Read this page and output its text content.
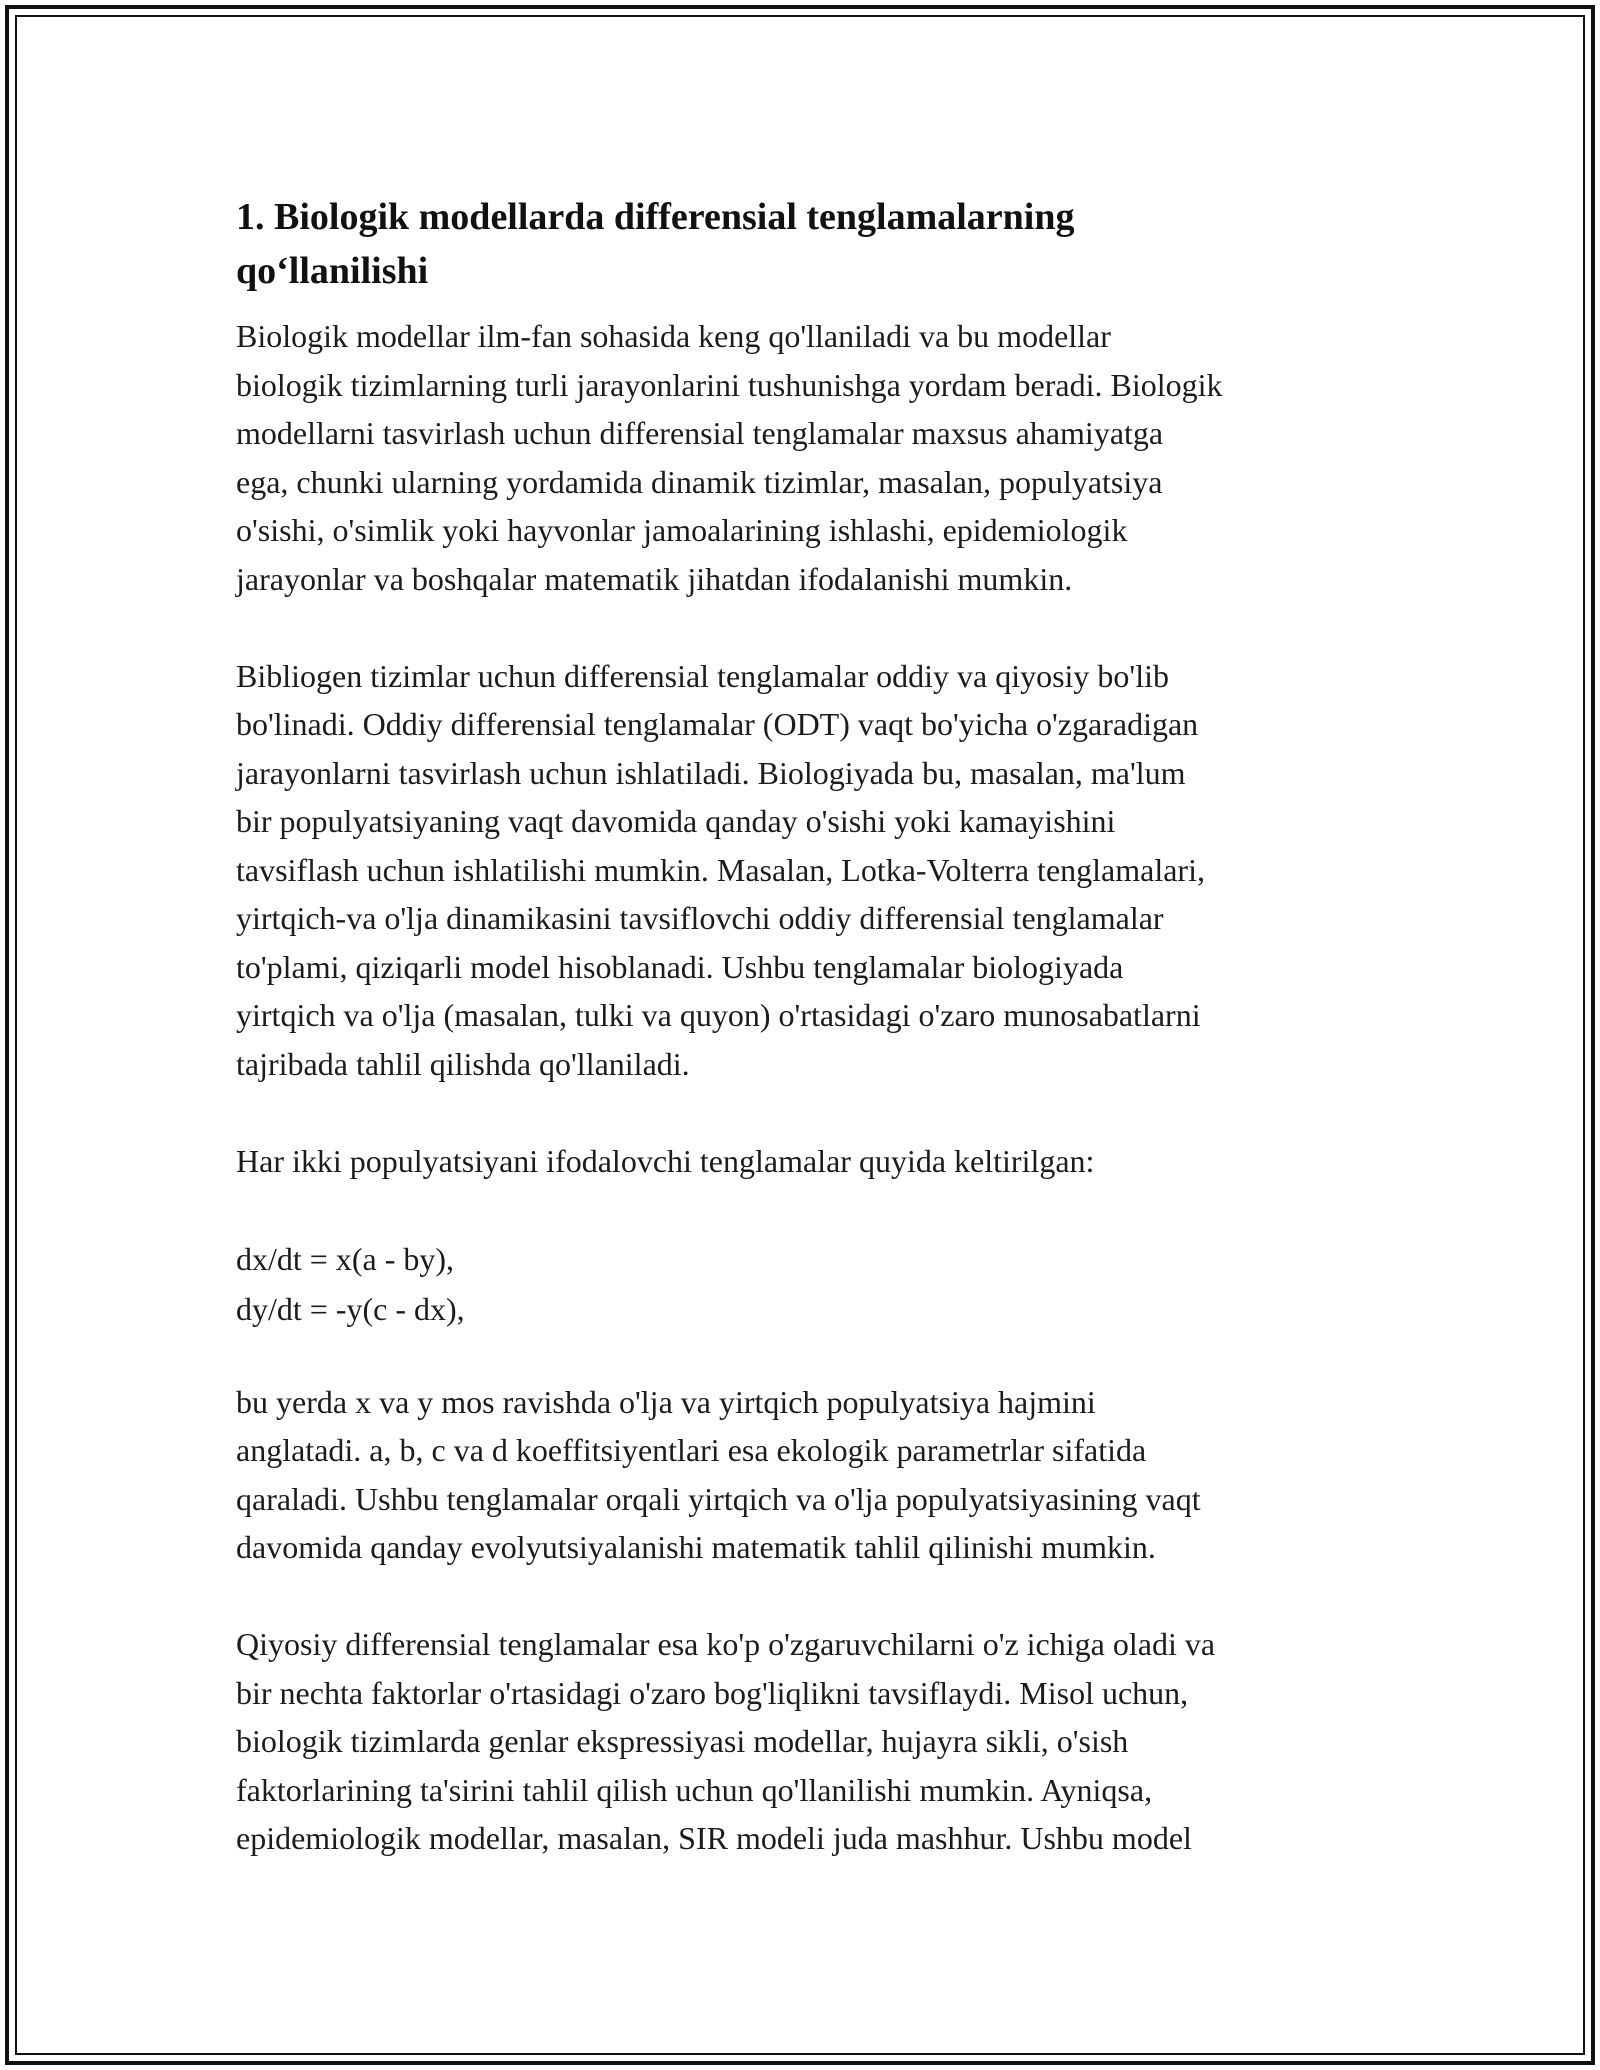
1. Biologik modellarda differensial tenglamalarning
qo‘llanilishi

Biologik modellar ilm-fan sohasida keng qo'llaniladi va bu modellar
biologik tizimlarning turli jarayonlarini tushunishga yordam beradi. Biologik
modellarni tasvirlash uchun differensial tenglamalar maxsus ahamiyatga
ega, chunki ularning yordamida dinamik tizimlar, masalan, populyatsiya
o'sishi, o'simlik yoki hayvonlar jamoalarining ishlashi, epidemiologik
jarayonlar va boshqalar matematik jihatdan ifodalanishi mumkin.

Bibliogen tizimlar uchun differensial tenglamalar oddiy va qiyosiy bo'lib
bo'linadi. Oddiy differensial tenglamalar (ODT) vaqt bo'yicha o'zgaradigan
jarayonlarni tasvirlash uchun ishlatiladi. Biologiyada bu, masalan, ma'lum
bir populyatsiyaning vaqt davomida qanday o'sishi yoki kamayishini
tavsiflash uchun ishlatilishi mumkin. Masalan, Lotka-Volterra tenglamalari,
yirtqich-va o'lja dinamikasini tavsiflovchi oddiy differensial tenglamalar
to'plami, qiziqarli model hisoblanadi. Ushbu tenglamalar biologiyada
yirtqich va o'lja (masalan, tulki va quyon) o'rtasidagi o'zaro munosabatlarni
tajribada tahlil qilishda qo'llaniladi.

Har ikki populyatsiyani ifodalovchi tenglamalar quyida keltirilgan:

dx/dt = x(a - by),
dy/dt = -y(c - dx),

bu yerda x va y mos ravishda o'lja va yirtqich populyatsiya hajmini
anglatadi. a, b, c va d koeffitsiyentlari esa ekologik parametrlar sifatida
qaraladi. Ushbu tenglamalar orqali yirtqich va o'lja populyatsiyasining vaqt
davomida qanday evolyutsiyalanishi matematik tahlil qilinishi mumkin.

Qiyosiy differensial tenglamalar esa ko'p o'zgaruvchilarni o'z ichiga oladi va
bir nechta faktorlar o'rtasidagi o'zaro bog'liqlikni tavsiflaydi. Misol uchun,
biologik tizimlarda genlar ekspressiyasi modellar, hujayra sikli, o'sish
faktorlarining ta'sirini tahlil qilish uchun qo'llanilishi mumkin. Ayniqsa,
epidemiologik modellar, masalan, SIR modeli juda mashhur. Ushbu model
